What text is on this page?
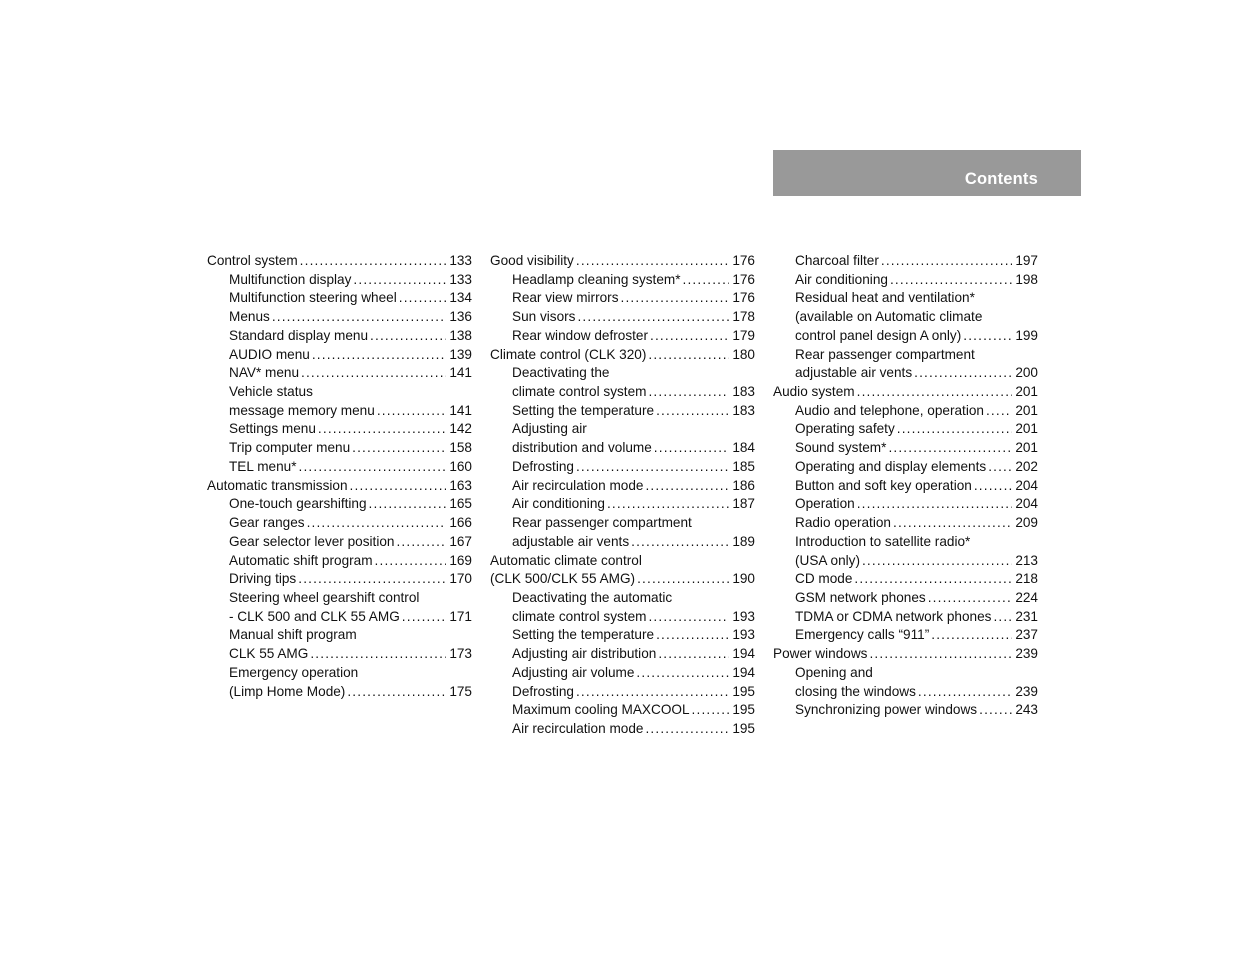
Contents
Control system . . .	133
Multifunction display . . .	133
Multifunction steering wheel . . .	134
Menus . . .	136
Standard display menu . . .	138
AUDIO menu . . .	139
NAV* menu . . .	141
Vehicle status
message memory menu . . .	141
Settings menu . . .	142
Trip computer menu . . .	158
TEL menu* . . .	160
Automatic transmission . . .	163
One-touch gearshifting . . .	165
Gear ranges . . .	166
Gear selector lever position . . .	167
Automatic shift program . . .	169
Driving tips . . .	170
Steering wheel gearshift control
- CLK 500 and CLK 55 AMG . . .	171
Manual shift program
CLK 55 AMG . . .	173
Emergency operation
(Limp Home Mode) . . .	175
Good visibility . . .	176
Headlamp cleaning system* . . .	176
Rear view mirrors . . .	176
Sun visors . . .	178
Rear window defroster . . .	179
Climate control (CLK 320) . . .	180
Deactivating the
climate control system . . .	183
Setting the temperature . . .	183
Adjusting air
distribution and volume . . .	184
Defrosting . . .	185
Air recirculation mode . . .	186
Air conditioning . . .	187
Rear passenger compartment
adjustable air vents . . .	189
Automatic climate control
(CLK 500/CLK 55 AMG) . . .	190
Deactivating the automatic
climate control system . . .	193
Setting the temperature . . .	193
Adjusting air distribution . . .	194
Adjusting air volume . . .	194
Defrosting . . .	195
Maximum cooling MAXCOOL . . .	195
Air recirculation mode . . .	195
Charcoal filter . . .	197
Air conditioning . . .	198
Residual heat and ventilation*
(available on Automatic climate
control panel design A only) . . .	199
Rear passenger compartment
adjustable air vents . . .	200
Audio system . . .	201
Audio and telephone, operation . . . 201
Operating safety . . .	201
Sound system* . . .	201
Operating and display elements . . . 202
Button and soft key operation . . .	204
Operation . . .	204
Radio operation . . .	209
Introduction to satellite radio*
(USA only) . . .	213
CD mode . . .	218
GSM network phones . . .	224
TDMA or CDMA network phones . . . 231
Emergency calls “911” . . .	237
Power windows . . .	239
Opening and
closing the windows . . .	239
Synchronizing power windows . . .	243
